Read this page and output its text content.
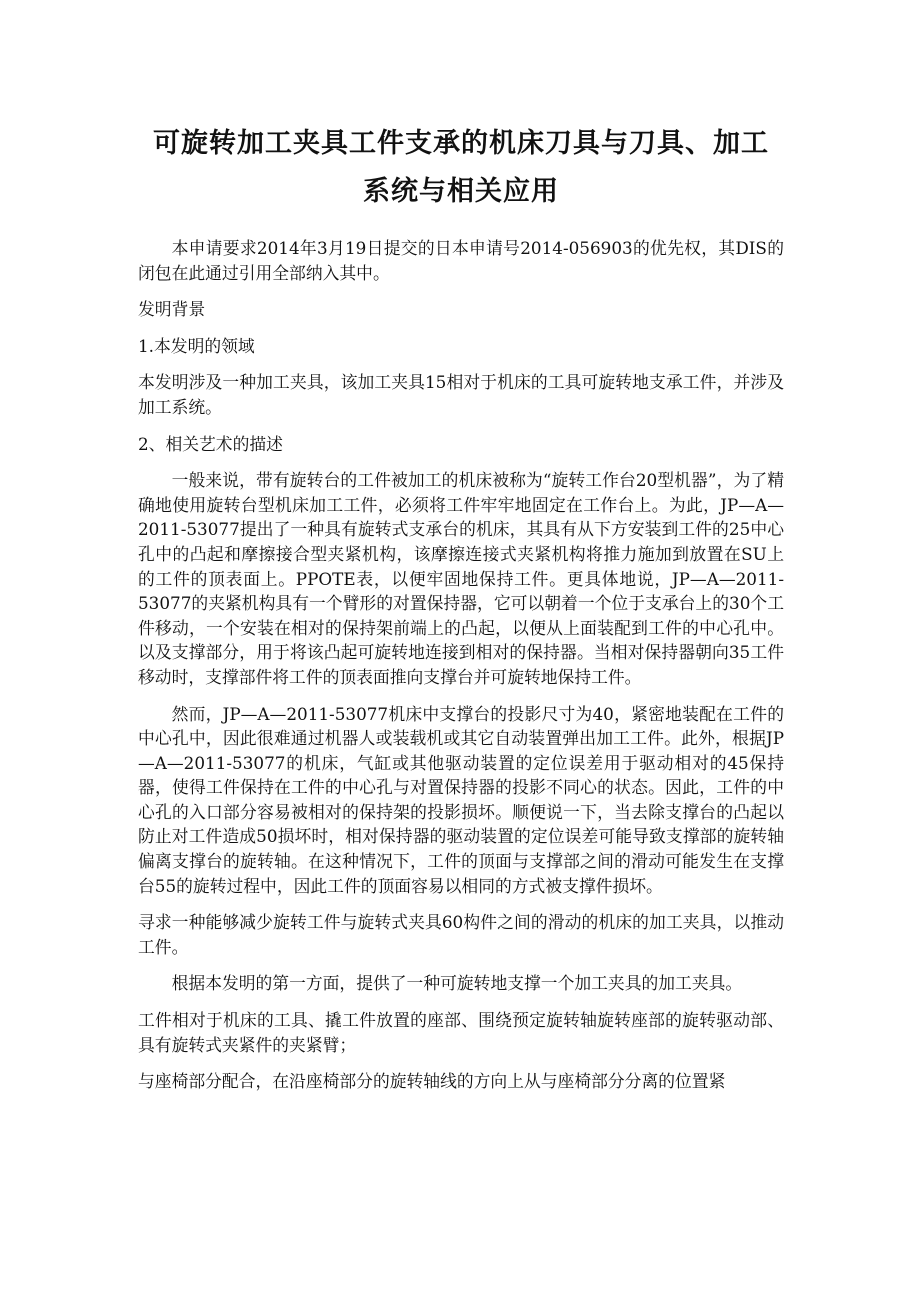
可旋转加工夹具工件支承的机床刀具与刀具、加工
系统与相关应用

本申请要求2014年3月19日提交的日本申请号2014-056903的优先权，其DIS的闭包在此通过引用全部纳入其中。

发明背景

1.本发明的领域

本发明涉及一种加工夹具，该加工夹具15相对于机床的工具可旋转地支承工件，并涉及加工系统。

2、相关艺术的描述

一般来说，带有旋转台的工件被加工的机床被称为“旋转工作台20型机器”，为了精确地使用旋转台型机床加工工件，必须将工件牢牢地固定在工作台上。为此，JP—A—2011-53077提出了一种具有旋转式支承台的机床，其具有从下方安装到工件的25中心孔中的凸起和摩擦接合型夹紧机构，该摩擦连接式夹紧机构将推力施加到放置在SU上的工件的顶表面上。PPOTE表，以便牢固地保持工件。更具体地说，JP—A—2011-53077的夹紧机构具有一个臂形的对置保持器，它可以朝着一个位于支承台上的30个工件移动，一个安装在相对的保持架前端上的凸起，以便从上面装配到工件的中心孔中。以及支撑部分，用于将该凸起可旋转地连接到相对的保持器。当相对保持器朝向35工件移动时，支撑部件将工件的顶表面推向支撑台并可旋转地保持工件。

然而，JP—A—2011-53077机床中支撑台的投影尺寸为40，紧密地装配在工件的中心孔中，因此很难通过机器人或装载机或其它自动装置弹出加工工件。此外，根据JP—A—2011-53077的机床，气缸或其他驱动装置的定位误差用于驱动相对的45保持器，使得工件保持在工件的中心孔与对置保持器的投影不同心的状态。因此，工件的中心孔的入口部分容易被相对的保持架的投影损坏。顺便说一下，当去除支撑台的凸起以防止对工件造成50损坏时，相对保持器的驱动装置的定位误差可能导致支撑部的旋转轴偏离支撑台的旋转轴。在这种情况下，工件的顶面与支撑部之间的滑动可能发生在支撑台55的旋转过程中，因此工件的顶面容易以相同的方式被支撑件损坏。

寻求一种能够减少旋转工件与旋转式夹具60构件之间的滑动的机床的加工夹具，以推动工件。

根据本发明的第一方面，提供了一种可旋转地支撑一个加工夹具的加工夹具。

工件相对于机床的工具、撬工件放置的座部、围绕预定旋转轴旋转座部的旋转驱动部、具有旋转式夹紧件的夹紧臂；

与座椅部分配合，在沿座椅部分的旋转轴线的方向上从与座椅部分分离的位置紧
